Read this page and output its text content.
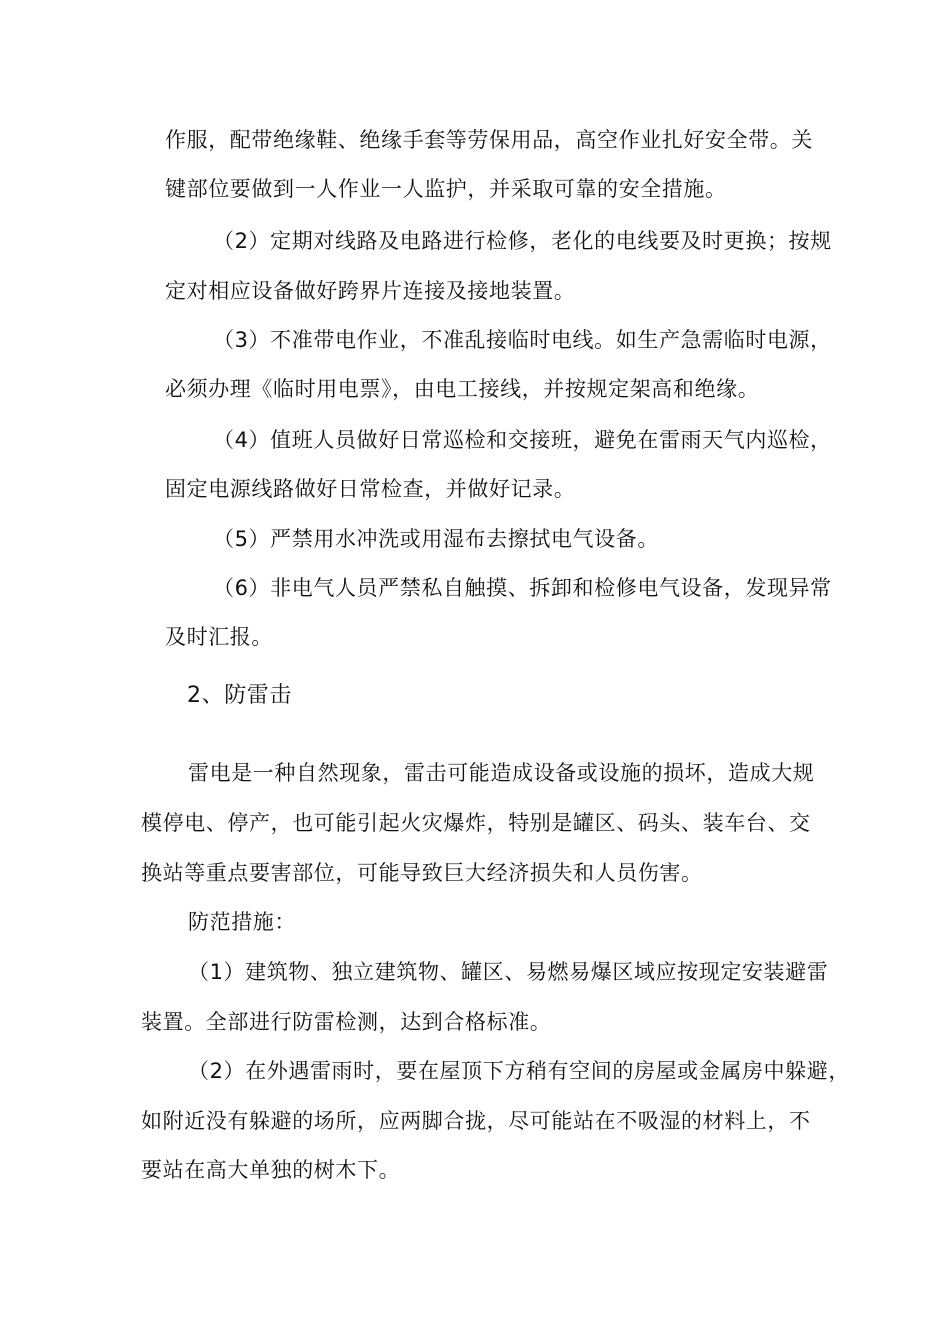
作服，配带绝缘鞋、绝缘手套等劳保用品，高空作业扎好安全带。关
键部位要做到一人作业一人监护，并采取可靠的安全措施。
（2）定期对线路及电路进行检修，老化的电线要及时更换；按规
定对相应设备做好跨界片连接及接地装置。
（3）不准带电作业，不准乱接临时电线。如生产急需临时电源，
必须办理《临时用电票》，由电工接线，并按规定架高和绝缘。
（4）值班人员做好日常巡检和交接班，避免在雷雨天气内巡检，
固定电源线路做好日常检查，并做好记录。
（5）严禁用水冲洗或用湿布去擦拭电气设备。
（6）非电气人员严禁私自触摸、拆卸和检修电气设备，发现异常
及时汇报。
2、防雷击
雷电是一种自然现象，雷击可能造成设备或设施的损坏，造成大规
模停电、停产，也可能引起火灾爆炸，特别是罐区、码头、装车台、交
换站等重点要害部位，可能导致巨大经济损失和人员伤害。
防范措施：
（1）建筑物、独立建筑物、罐区、易燃易爆区域应按现定安装避雷
装置。全部进行防雷检测，达到合格标准。
（2）在外遇雷雨时，要在屋顶下方稍有空间的房屋或金属房中躲避，
如附近没有躲避的场所，应两脚合拢，尽可能站在不吸湿的材料上，不
要站在高大单独的树木下。
